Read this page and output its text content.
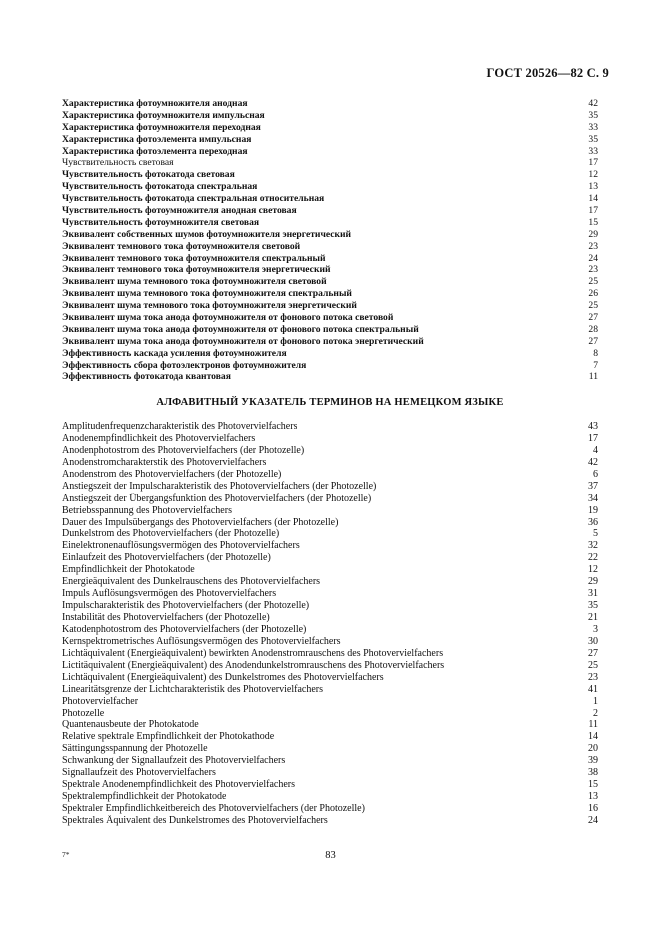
ГОСТ 20526—82 С. 9
Характеристика фотоумножителя анодная	42
Характеристика фотоумножителя импульсная	35
Характеристика фотоумножителя переходная	33
Характеристика фотоэлемента импульсная	35
Характеристика фотоэлемента переходная	33
Чувствительность световая	17
Чувствительность фотокатода световая	12
Чувствительность фотокатода спектральная	13
Чувствительность фотокатода спектральная относительная	14
Чувствительность фотоумножителя анодная световая	17
Чувствительность фотоумножителя световая	15
Эквивалент собственных шумов фотоумножителя энергетический	29
Эквивалент темнового тока фотоумножителя световой	23
Эквивалент темнового тока фотоумножителя спектральный	24
Эквивалент темнового тока фотоумножителя энергетический	23
Эквивалент шума темнового тока фотоумножителя световой	25
Эквивалент шума темнового тока фотоумножителя спектральный	26
Эквивалент шума темнового тока фотоумножителя энергетический	25
Эквивалент шума тока анода фотоумножителя от фонового потока световой	27
Эквивалент шума тока анода фотоумножителя от фонового потока спектральный	28
Эквивалент шума тока анода фотоумножителя от фонового потока энергетический	27
Эффективность каскада усиления фотоумножителя	8
Эффективность сбора фотоэлектронов фотоумножителя	7
Эффективность фотокатода квантовая	11
АЛФАВИТНЫЙ УКАЗАТЕЛЬ ТЕРМИНОВ НА НЕМЕЦКОМ ЯЗЫКЕ
Amplitudenfrequenzcharakteristik des Photovervielfachers	43
Anodenempfindlichkeit des Photovervielfachers	17
Anodenphotostrom des Photovervielfachers (der Photozelle)	4
Anodenstromcharakterstik des Photovervielfachers	42
Anodenstrom des Photovervielfachers (der Photozelle)	6
Anstiegszeit der Impulscharakteristik des Photovervielfachers (der Photozelle)	37
Anstiegszeit der Übergangsfunktion des Photovervielfachers (der Photozelle)	34
Betriebsspannung des Photovervielfachers	19
Dauer des Impulsübergangs des Photovervielfachers (der Photozelle)	36
Dunkelstrom des Photovervielfachers (der Photozelle)	5
Einelektronenauflösungsvermögen des Photovervielfachers	32
Einlaufzeit des Photovervielfachers (der Photozelle)	22
Empfindlichkeit der Photokatode	12
Energieäquivalent des Dunkelrauschens des Photovervielfachers	29
Impuls Auflösungsvermögen des Photovervielfachers	31
Impulscharakteristik des Photovervielfachers (der Photozelle)	35
Instabilität des Photovervielfachers (der Photozelle)	21
Katodenphotostrom des Photovervielfachers (der Photozelle)	3
Kernspektrometrisches Auflösungsvermögen des Photovervielfachers	30
Lichtäquivalent (Energieäquivalent) bewirkten Anodenstromrauschens des Photovervielfachers	27
Lictitäquivalent (Energieäquivalent) des Anodendunkelstromrauschens des Photovervielfachers	25
Lichtäquivalent (Energieäquivalent) des Dunkelstromes des Photovervielfachers	23
Linearitätsgrenze der Lichtcharakteristik des Photovervielfachers	41
Photovervielfacher	1
Photozelle	2
Quantenausbeute der Photokatode	11
Relative spektrale Empfindlichkeit der Photokathode	14
Sättingungsspannung der Photozelle	20
Schwankung der Signallaufzeit des Photovervielfachers	39
Signallaufzeit des Photovervielfachers	38
Spektrale Anodenempfindlichkeit des Photovervielfachers	15
Spektralempfindlichkeit der Photokatode	13
Spektraler Empfindlichkeitbereich des Photovervielfachers (der Photozelle)	16
Spektrales Äquivalent des Dunkelstromes des Photovervielfachers	24
7*	83
